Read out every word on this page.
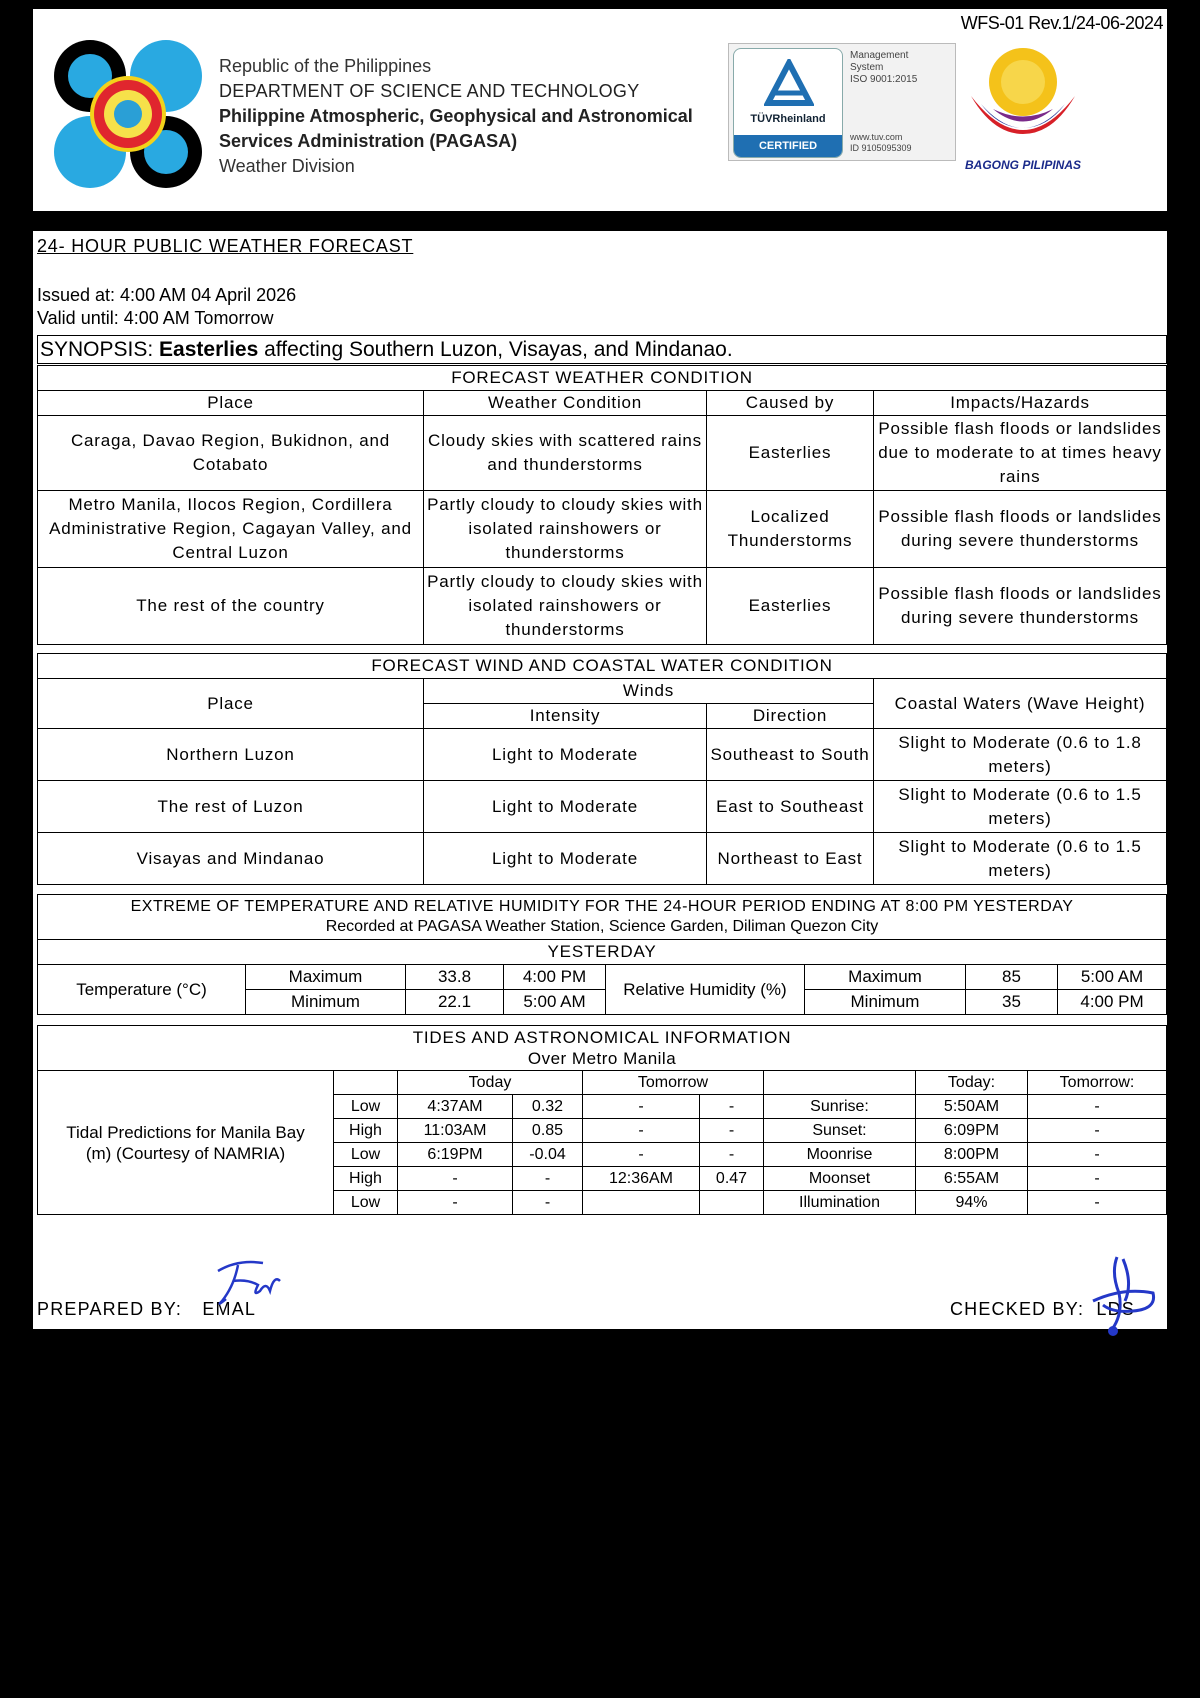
WFS-01 Rev.1/24-06-2024
Republic of the Philippines
DEPARTMENT OF SCIENCE AND TECHNOLOGY
Philippine Atmospheric, Geophysical and Astronomical
Services Administration (PAGASA)
Weather Division
TÜVRheinland
CERTIFIED
Management
System
ISO 9001:2015
www.tuv.com
ID 9105095309
BAGONG PILIPINAS
24- HOUR PUBLIC WEATHER FORECAST
Issued at: 4:00 AM 04 April 2026
Valid until: 4:00 AM Tomorrow
SYNOPSIS: Easterlies affecting Southern Luzon, Visayas, and Mindanao.
FORECAST WEATHER CONDITION			
Place	Weather Condition	Caused by	Impacts/Hazards
Caraga, Davao Region, Bukidnon, and Cotabato	Cloudy skies with scattered rains and thunderstorms	Easterlies	Possible flash floods or landslides due to moderate to at times heavy rains
Metro Manila, Ilocos Region, Cordillera Administrative Region, Cagayan Valley, and Central Luzon	Partly cloudy to cloudy skies with isolated rainshowers or thunderstorms	Localized Thunderstorms	Possible flash floods or landslides during severe thunderstorms
The rest of the country	Partly cloudy to cloudy skies with isolated rainshowers or thunderstorms	Easterlies	Possible flash floods or landslides during severe thunderstorms
FORECAST WIND AND COASTAL WATER CONDITION			
Place	Winds		Coastal Waters (Wave Height)
	Intensity	Direction	
Northern Luzon	Light to Moderate	Southeast to South	Slight to Moderate (0.6 to 1.8 meters)
The rest of Luzon	Light to Moderate	East to Southeast	Slight to Moderate (0.6 to 1.5 meters)
Visayas and Mindanao	Light to Moderate	Northeast to East	Slight to Moderate (0.6 to 1.5 meters)
EXTREME OF TEMPERATURE AND RELATIVE HUMIDITY FOR THE 24-HOUR PERIOD ENDING AT 8:00 PM YESTERDAY
Recorded at PAGASA Weather Station, Science Garden, Diliman Quezon City							

YESTERDAY							
Temperature (°C)	Maximum	33.8	4:00 PM	Relative Humidity (%)	Maximum	85	5:00 AM
	Minimum	22.1	5:00 AM		Minimum	35	4:00 PM
TIDES AND ASTRONOMICAL INFORMATION
Over Metro Manila								

Tidal Predictions for Manila Bay (m) (Courtesy of NAMRIA)		Today		Tomorrow			Today:	Tomorrow:
	Low	4:37AM	0.32	-	-	Sunrise:	5:50AM	-
	High	11:03AM	0.85	-	-	Sunset:	6:09PM	-
	Low	6:19PM	-0.04	-	-	Moonrise	8:00PM	-
	High	-	-	12:36AM	0.47	Moonset	6:55AM	-
	Low	-	-			Illumination	94%	-
PREPARED BY: EMAL	CHECKED BY: LDS
